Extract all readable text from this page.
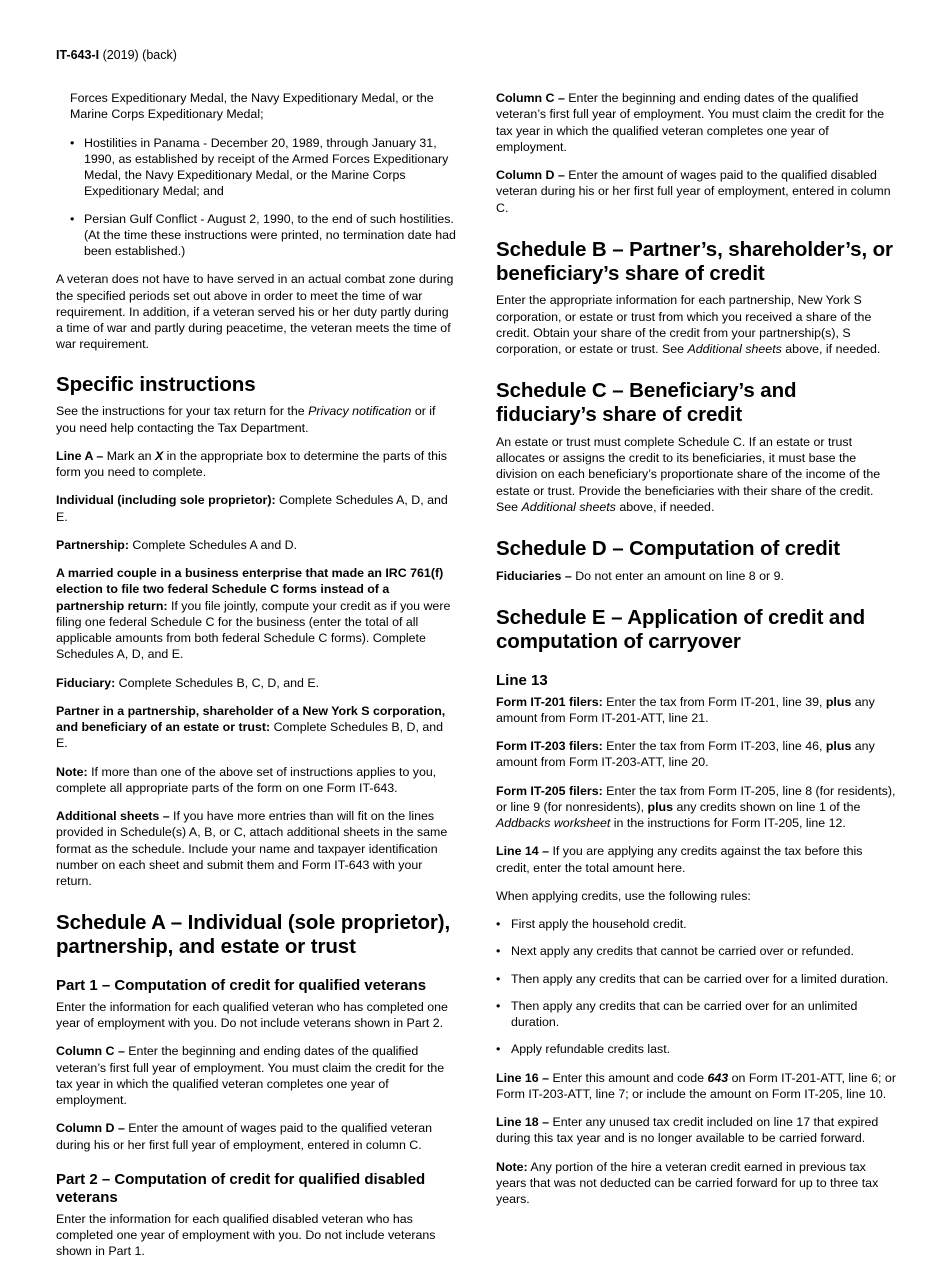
IT-643-I (2019) (back)

Forces Expeditionary Medal, the Navy Expeditionary Medal, or the Marine Corps Expeditionary Medal;

• Hostilities in Panama - December 20, 1989, through January 31, 1990, as established by receipt of the Armed Forces Expeditionary Medal, the Navy Expeditionary Medal, or the Marine Corps Expeditionary Medal; and
• Persian Gulf Conflict - August 2, 1990, to the end of such hostilities. (At the time these instructions were printed, no termination date had been established.)

A veteran does not have to have served in an actual combat zone during the specified periods set out above in order to meet the time of war requirement. In addition, if a veteran served his or her duty partly during a time of war and partly during peacetime, the veteran meets the time of war requirement.

Specific instructions

See the instructions for your tax return for the Privacy notification or if you need help contacting the Tax Department.

Line A – Mark an X in the appropriate box to determine the parts of this form you need to complete.

Individual (including sole proprietor): Complete Schedules A, D, and E.

Partnership: Complete Schedules A and D.

A married couple in a business enterprise that made an IRC 761(f) election to file two federal Schedule C forms instead of a partnership return: If you file jointly, compute your credit as if you were filing one federal Schedule C for the business (enter the total of all applicable amounts from both federal Schedule C forms). Complete Schedules A, D, and E.

Fiduciary: Complete Schedules B, C, D, and E.

Partner in a partnership, shareholder of a New York S corporation, and beneficiary of an estate or trust: Complete Schedules B, D, and E.

Note: If more than one of the above set of instructions applies to you, complete all appropriate parts of the form on one Form IT-643.

Additional sheets – If you have more entries than will fit on the lines provided in Schedule(s) A, B, or C, attach additional sheets in the same format as the schedule. Include your name and taxpayer identification number on each sheet and submit them and Form IT-643 with your return.

Schedule A – Individual (sole proprietor), partnership, and estate or trust
Part 1 – Computation of credit for qualified veterans

Enter the information for each qualified veteran who has completed one year of employment with you. Do not include veterans shown in Part 2.

Column C – Enter the beginning and ending dates of the qualified veteran’s first full year of employment. You must claim the credit for the tax year in which the qualified veteran completes one year of employment.

Column D – Enter the amount of wages paid to the qualified veteran during his or her first full year of employment, entered in column C.

Part 2 – Computation of credit for qualified disabled veterans

Enter the information for each qualified disabled veteran who has completed one year of employment with you. Do not include veterans shown in Part 1.

Column C – Enter the beginning and ending dates of the qualified veteran’s first full year of employment. You must claim the credit for the tax year in which the qualified veteran completes one year of employment.

Column D – Enter the amount of wages paid to the qualified disabled veteran during his or her first full year of employment, entered in column C.

Schedule B – Partner’s, shareholder’s, or beneficiary’s share of credit

Enter the appropriate information for each partnership, New York S corporation, or estate or trust from which you received a share of the credit. Obtain your share of the credit from your partnership(s), S corporation, or estate or trust. See Additional sheets above, if needed.

Schedule C – Beneficiary’s and fiduciary’s share of credit

An estate or trust must complete Schedule C. If an estate or trust allocates or assigns the credit to its beneficiaries, it must base the division on each beneficiary’s proportionate share of the income of the estate or trust. Provide the beneficiaries with their share of the credit. See Additional sheets above, if needed.

Schedule D – Computation of credit

Fiduciaries – Do not enter an amount on line 8 or 9.

Schedule E – Application of credit and computation of carryover
Line 13

Form IT-201 filers: Enter the tax from Form IT-201, line 39, plus any amount from Form IT-201-ATT, line 21.

Form IT-203 filers: Enter the tax from Form IT-203, line 46, plus any amount from Form IT-203-ATT, line 20.

Form IT-205 filers: Enter the tax from Form IT-205, line 8 (for residents), or line 9 (for nonresidents), plus any credits shown on line 1 of the Addbacks worksheet in the instructions for Form IT-205, line 12.

Line 14 – If you are applying any credits against the tax before this credit, enter the total amount here.

When applying credits, use the following rules:

• First apply the household credit.
• Next apply any credits that cannot be carried over or refunded.
• Then apply any credits that can be carried over for a limited duration.
• Then apply any credits that can be carried over for an unlimited duration.
• Apply refundable credits last.

Line 16 – Enter this amount and code 643 on Form IT-201-ATT, line 6; or Form IT-203-ATT, line 7; or include the amount on Form IT-205, line 10.

Line 18 – Enter any unused tax credit included on line 17 that expired during this tax year and is no longer available to be carried forward.

Note: Any portion of the hire a veteran credit earned in previous tax years that was not deducted can be carried forward for up to three tax years.
